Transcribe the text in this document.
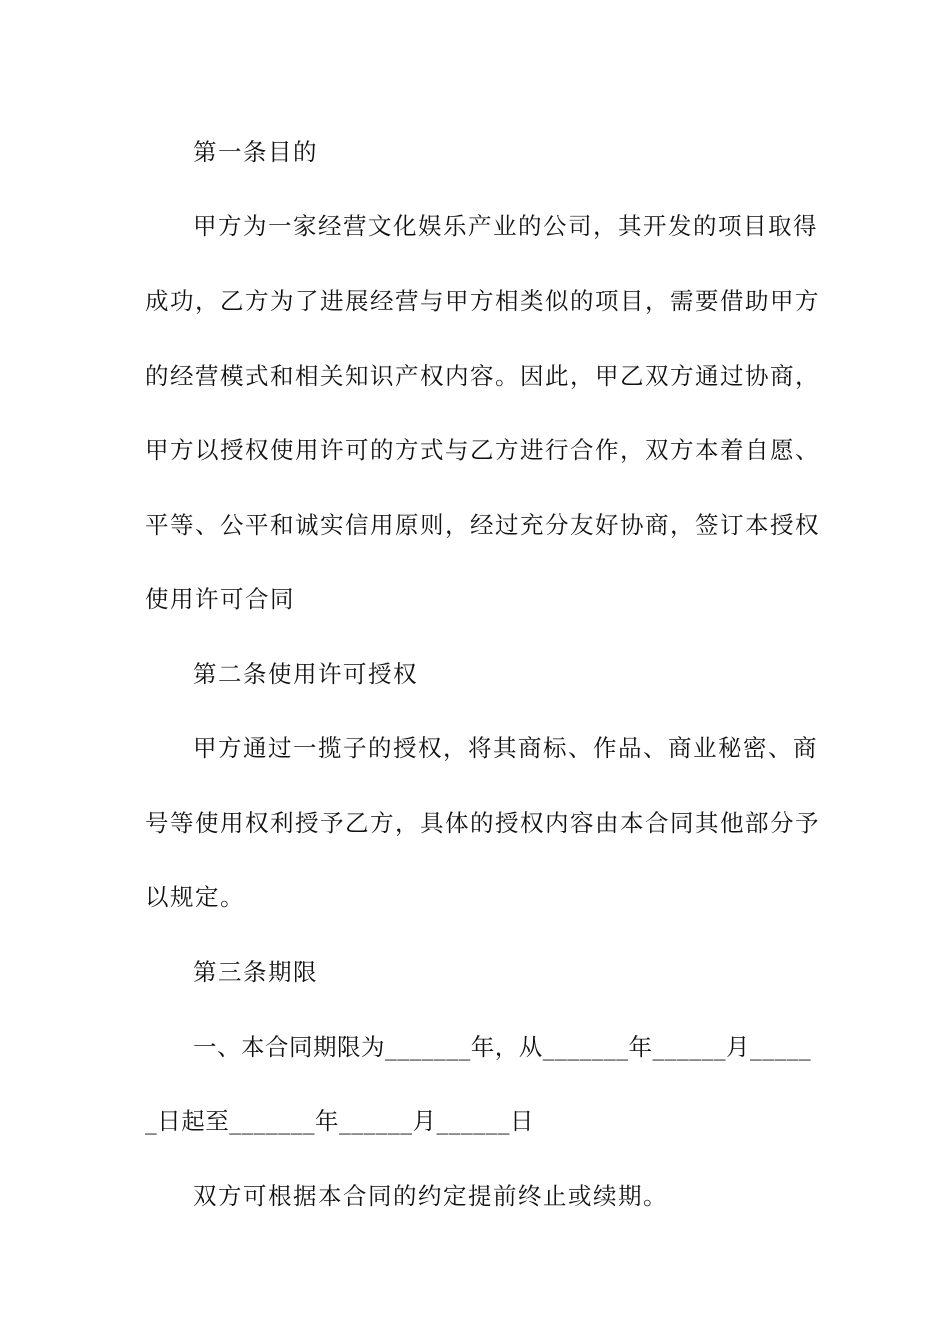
第一条目的
甲方为一家经营文化娱乐产业的公司，其开发的项目取得
成功，乙方为了进展经营与甲方相类似的项目，需要借助甲方
的经营模式和相关知识产权内容。因此，甲乙双方通过协商，
甲方以授权使用许可的方式与乙方进行合作，双方本着自愿、
平等、公平和诚实信用原则，经过充分友好协商，签订本授权
使用许可合同
第二条使用许可授权
甲方通过一揽子的授权，将其商标、作品、商业秘密、商
号等使用权利授予乙方，具体的授权内容由本合同其他部分予
以规定。
第三条期限
一、本合同期限为_______年，从_______年______月_____
_日起至_______年______月______日
双方可根据本合同的约定提前终止或续期。
